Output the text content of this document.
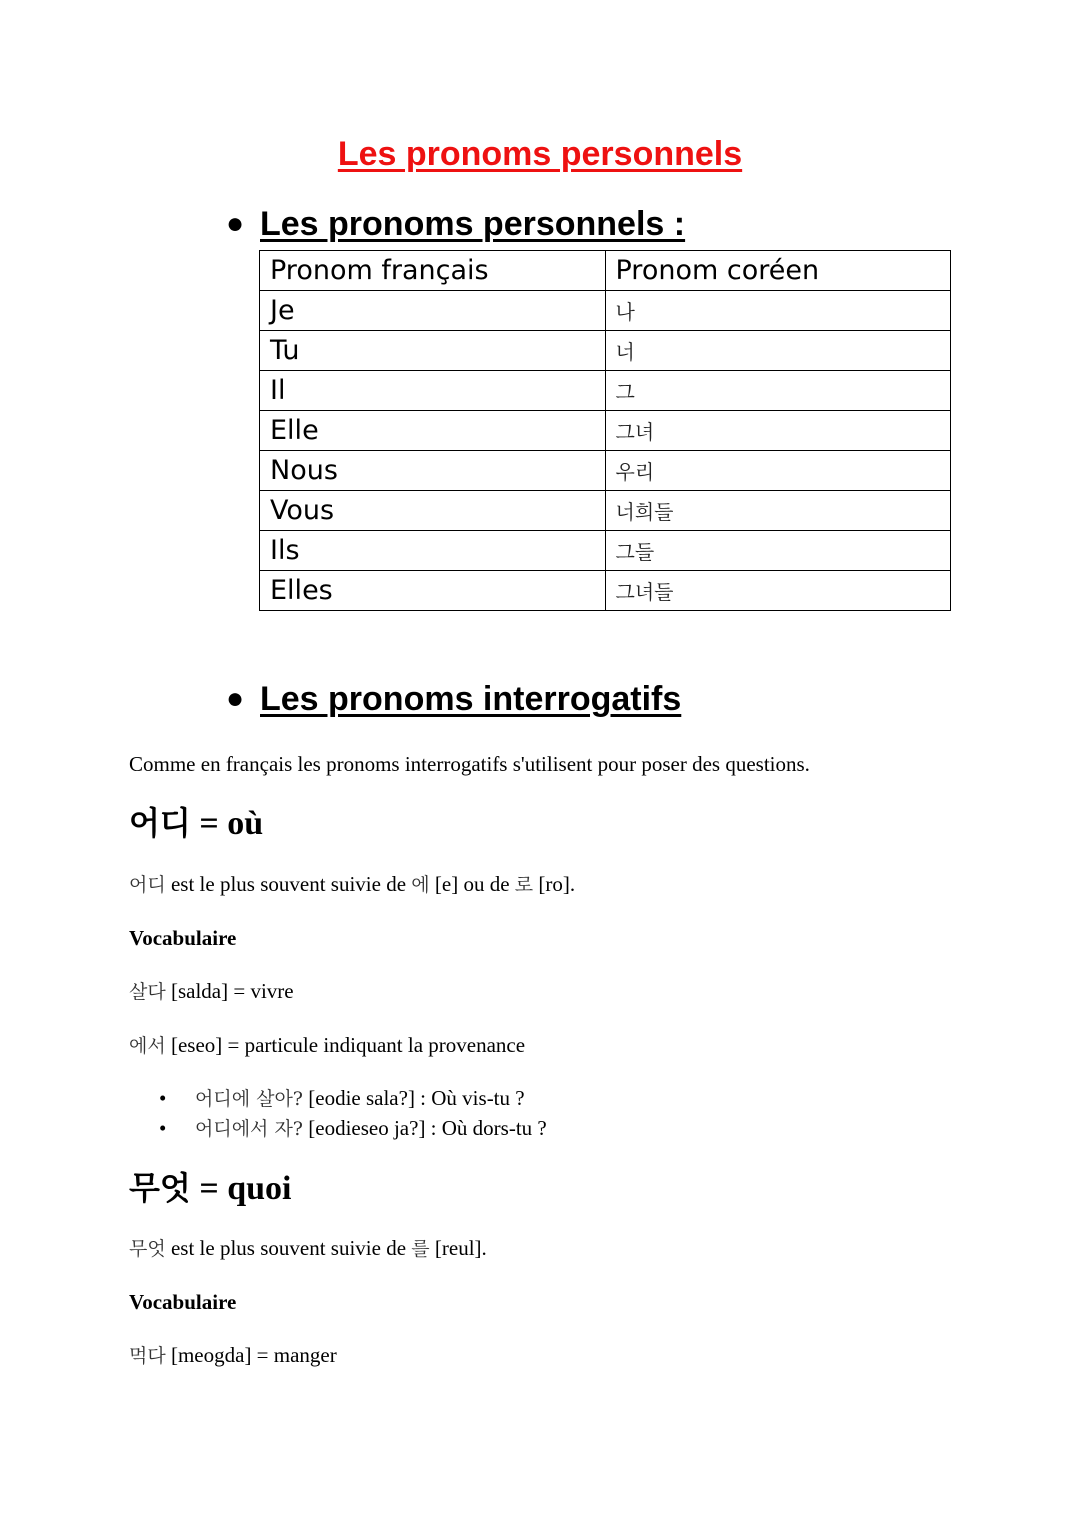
Les pronoms personnels
● Les pronoms personnels :
Pronom français	Pronom coréen
Je	나
Tu	너
Il	그
Elle	그녀
Nous	우리
Vous	너희들
Ils	그들
Elles	그녀들
● Les pronoms interrogatifs
Comme en français les pronoms interrogatifs s'utilisent pour poser des questions.
어디 = où
어디 est le plus souvent suivie de 에 [e] ou de 로 [ro].
Vocabulaire
살다 [salda] = vivre
에서 [eseo] = particule indiquant la provenance
• 어디에 살아? [eodie sala?] : Où vis-tu ?
• 어디에서 자? [eodieseo ja?] : Où dors-tu ?
무엇 = quoi
무엇 est le plus souvent suivie de 를 [reul].
Vocabulaire
먹다 [meogda] = manger
